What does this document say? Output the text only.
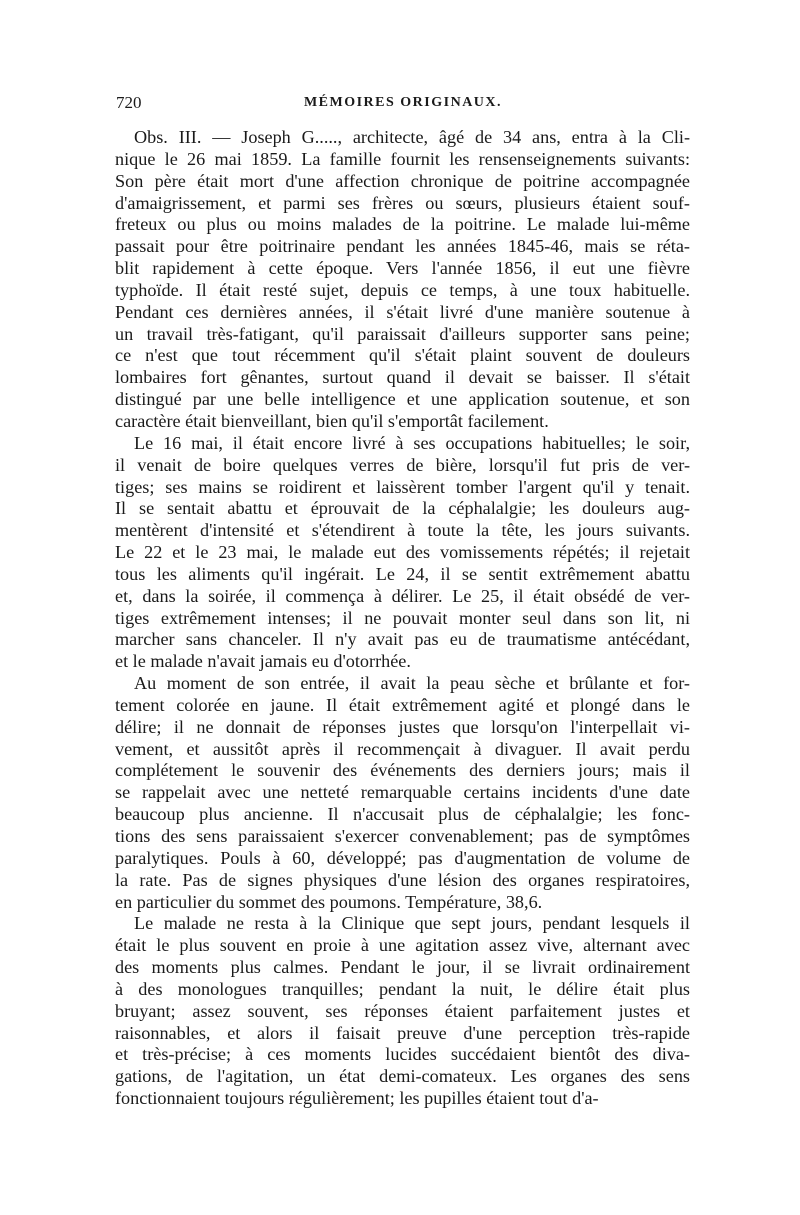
720	MÉMOIRES ORIGINAUX.
Obs. III. — Joseph G....., architecte, âgé de 34 ans, entra à la Cli-
nique le 26 mai 1859. La famille fournit les rensenseignements suivants:
Son père était mort d'une affection chronique de poitrine accompagnée
d'amaigrissement, et parmi ses frères ou sœurs, plusieurs étaient souf-
freteux ou plus ou moins malades de la poitrine. Le malade lui-même
passait pour être poitrinaire pendant les années 1845-46, mais se réta-
blit rapidement à cette époque. Vers l'année 1856, il eut une fièvre
typhoïde. Il était resté sujet, depuis ce temps, à une toux habituelle.
Pendant ces dernières années, il s'était livré d'une manière soutenue à
un travail très-fatigant, qu'il paraissait d'ailleurs supporter sans peine;
ce n'est que tout récemment qu'il s'était plaint souvent de douleurs
lombaires fort gênantes, surtout quand il devait se baisser. Il s'était
distingué par une belle intelligence et une application soutenue, et son
caractère était bienveillant, bien qu'il s'emportât facilement.
Le 16 mai, il était encore livré à ses occupations habituelles; le soir,
il venait de boire quelques verres de bière, lorsqu'il fut pris de ver-
tiges; ses mains se roidirent et laissèrent tomber l'argent qu'il y tenait.
Il se sentait abattu et éprouvait de la céphalalgie; les douleurs aug-
mentèrent d'intensité et s'étendirent à toute la tête, les jours suivants.
Le 22 et le 23 mai, le malade eut des vomissements répétés; il rejetait
tous les aliments qu'il ingérait. Le 24, il se sentit extrêmement abattu
et, dans la soirée, il commença à délirer. Le 25, il était obsédé de ver-
tiges extrêmement intenses; il ne pouvait monter seul dans son lit, ni
marcher sans chanceler. Il n'y avait pas eu de traumatisme antécédant,
et le malade n'avait jamais eu d'otorrhée.
Au moment de son entrée, il avait la peau sèche et brûlante et for-
tement colorée en jaune. Il était extrêmement agité et plongé dans le
délire; il ne donnait de réponses justes que lorsqu'on l'interpellait vi-
vement, et aussitôt après il recommençait à divaguer. Il avait perdu
complétement le souvenir des événements des derniers jours; mais il
se rappelait avec une netteté remarquable certains incidents d'une date
beaucoup plus ancienne. Il n'accusait plus de céphalalgie; les fonc-
tions des sens paraissaient s'exercer convenablement; pas de symptômes
paralytiques. Pouls à 60, développé; pas d'augmentation de volume de
la rate. Pas de signes physiques d'une lésion des organes respiratoires,
en particulier du sommet des poumons. Température, 38,6.
Le malade ne resta à la Clinique que sept jours, pendant lesquels il
était le plus souvent en proie à une agitation assez vive, alternant avec
des moments plus calmes. Pendant le jour, il se livrait ordinairement
à des monologues tranquilles; pendant la nuit, le délire était plus
bruyant; assez souvent, ses réponses étaient parfaitement justes et
raisonnables, et alors il faisait preuve d'une perception très-rapide
et très-précise; à ces moments lucides succédaient bientôt des diva-
gations, de l'agitation, un état demi-comateux. Les organes des sens
fonctionnaient toujours régulièrement; les pupilles étaient tout d'a-
